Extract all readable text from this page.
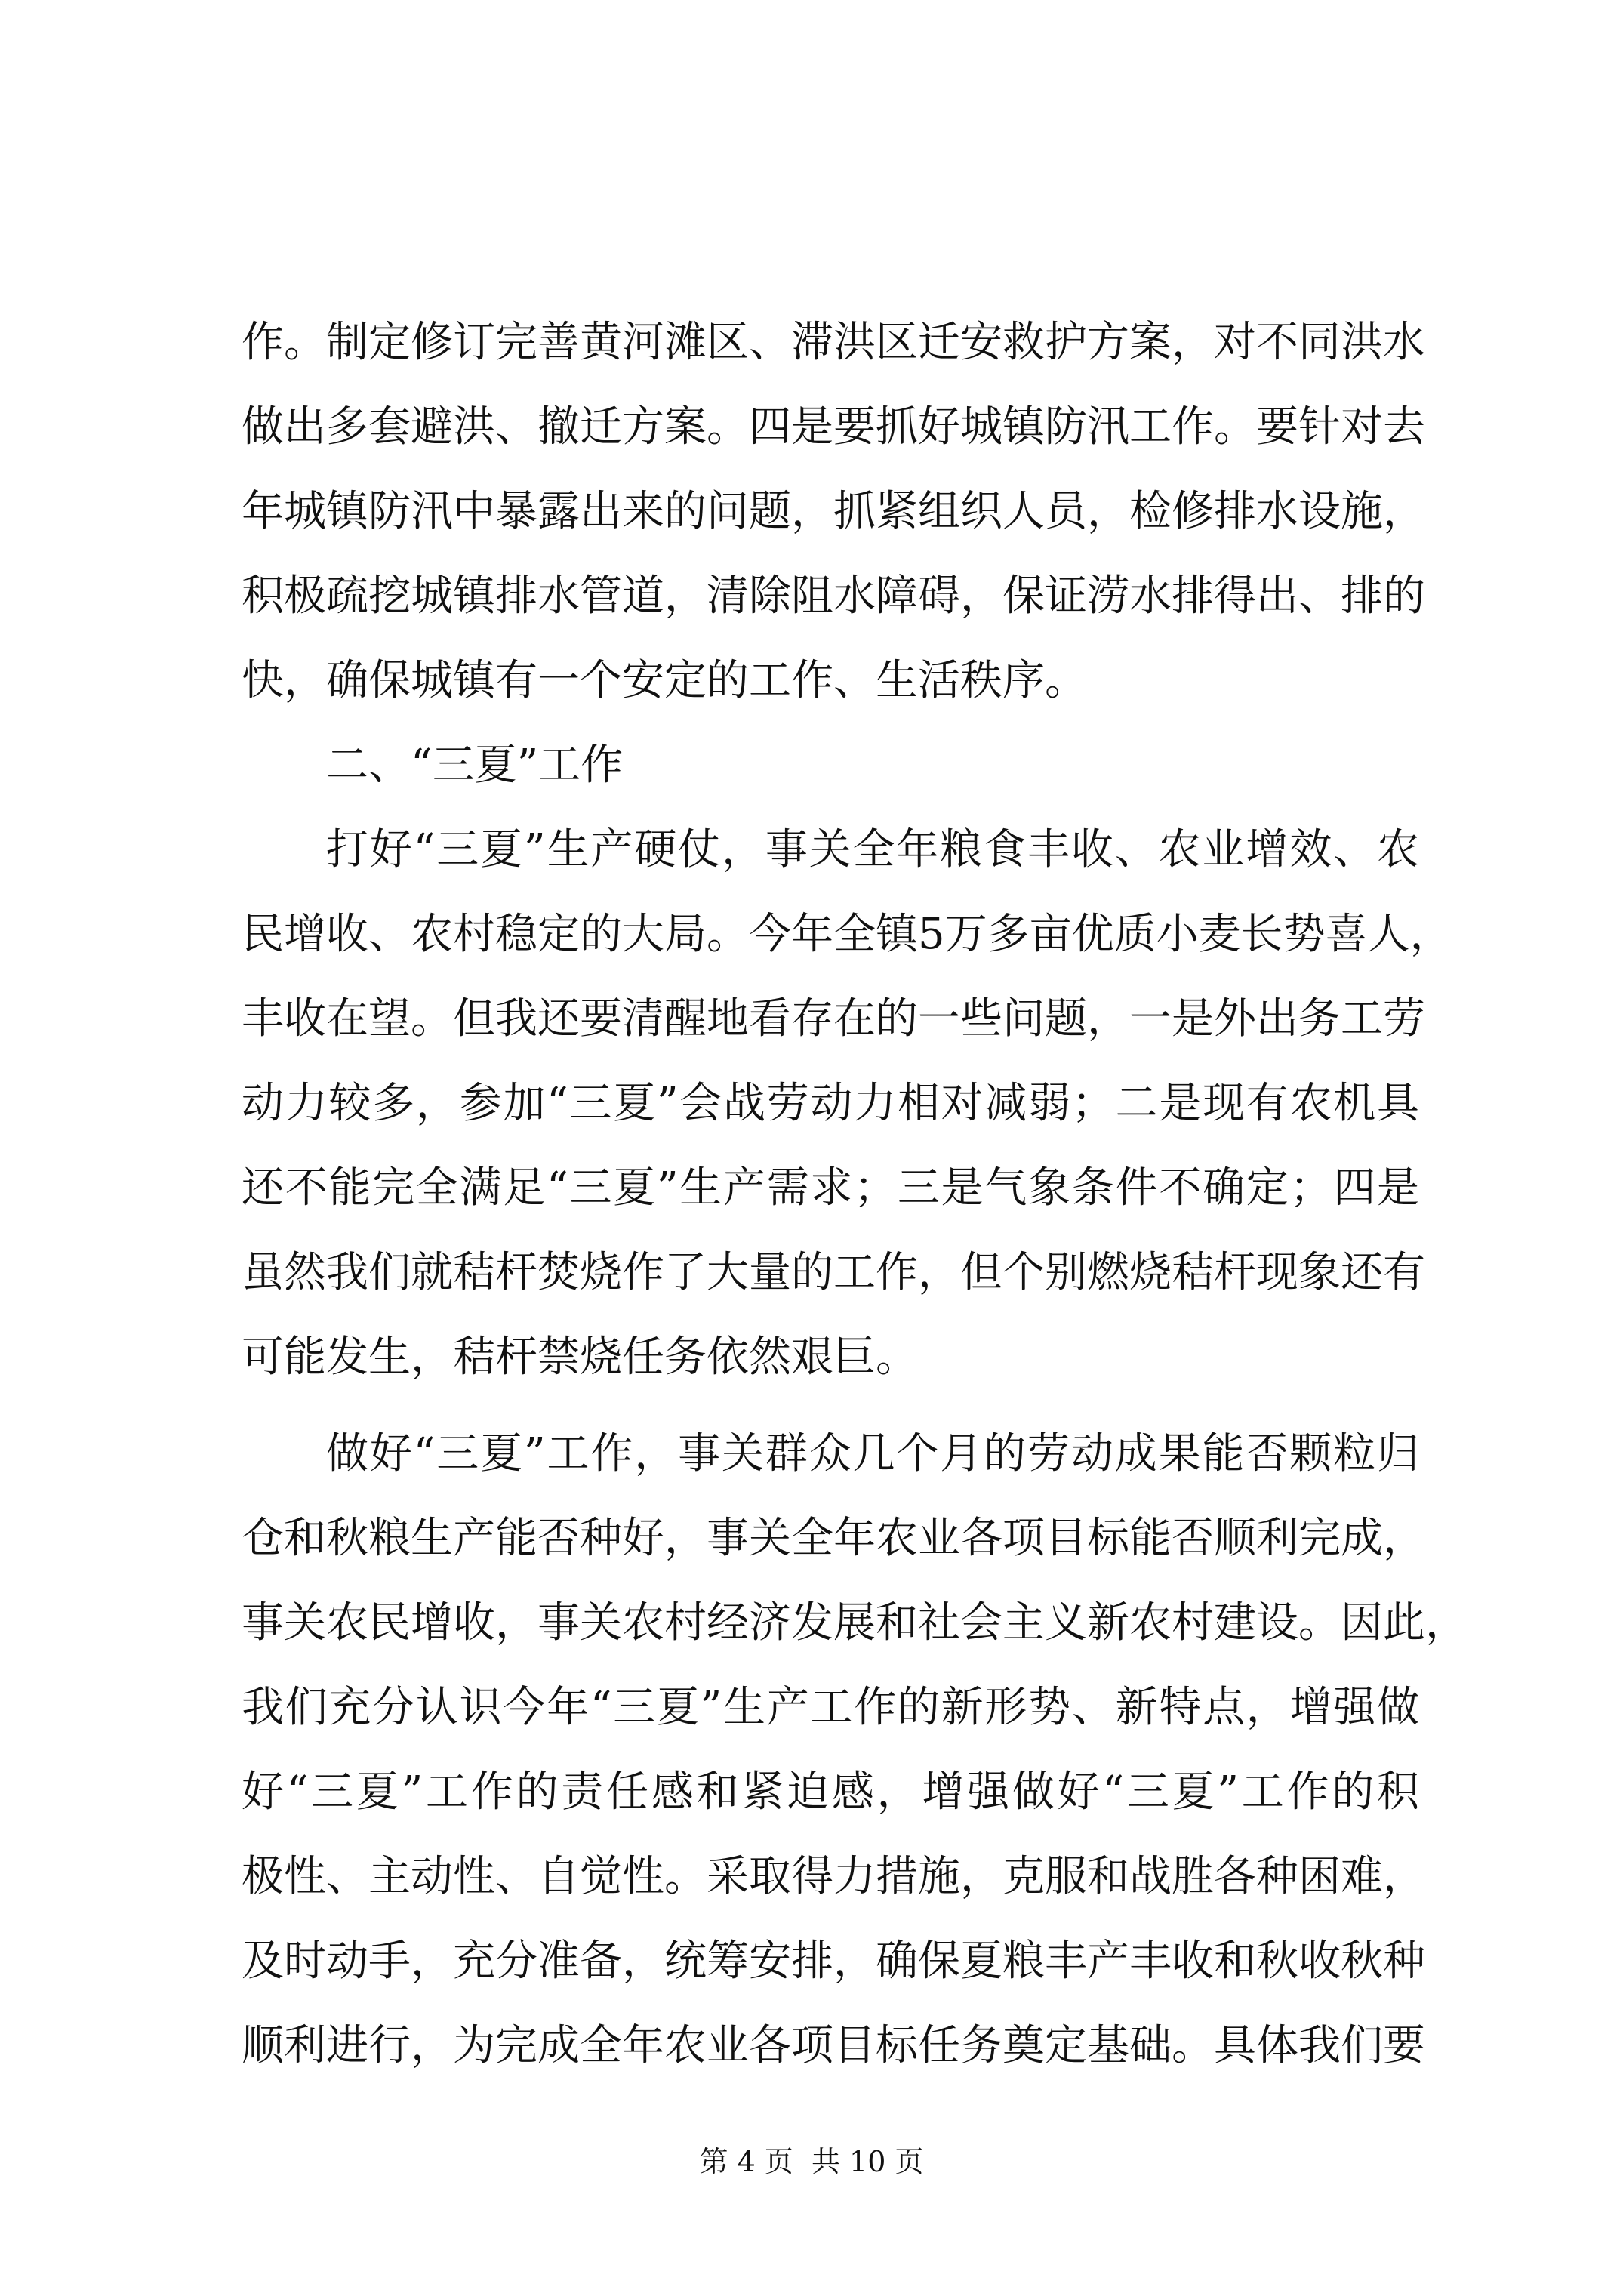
作。制定修订完善黄河滩区、滞洪区迁安救护方案，对不同洪水
做出多套避洪、撤迁方案。四是要抓好城镇防汛工作。要针对去
年城镇防汛中暴露出来的问题，抓紧组织人员，检修排水设施，
积极疏挖城镇排水管道，清除阻水障碍，保证涝水排得出、排的
快，确保城镇有一个安定的工作、生活秩序。
二、“三夏”工作
打好“三夏”生产硬仗，事关全年粮食丰收、农业增效、农
民增收、农村稳定的大局。今年全镇5万多亩优质小麦长势喜人，
丰收在望。但我还要清醒地看存在的一些问题，一是外出务工劳
动力较多，参加“三夏”会战劳动力相对减弱；二是现有农机具
还不能完全满足“三夏”生产需求；三是气象条件不确定；四是
虽然我们就秸杆焚烧作了大量的工作，但个别燃烧秸杆现象还有
可能发生，秸杆禁烧任务依然艰巨。
做好“三夏”工作，事关群众几个月的劳动成果能否颗粒归
仓和秋粮生产能否种好，事关全年农业各项目标能否顺利完成，
事关农民增收，事关农村经济发展和社会主义新农村建设。因此，
我们充分认识今年“三夏”生产工作的新形势、新特点，增强做
好“三夏”工作的责任感和紧迫感，增强做好“三夏”工作的积
极性、主动性、自觉性。采取得力措施，克服和战胜各种困难，
及时动手，充分准备，统筹安排，确保夏粮丰产丰收和秋收秋种
顺利进行，为完成全年农业各项目标任务奠定基础。具体我们要
第 4 页  共 10 页
